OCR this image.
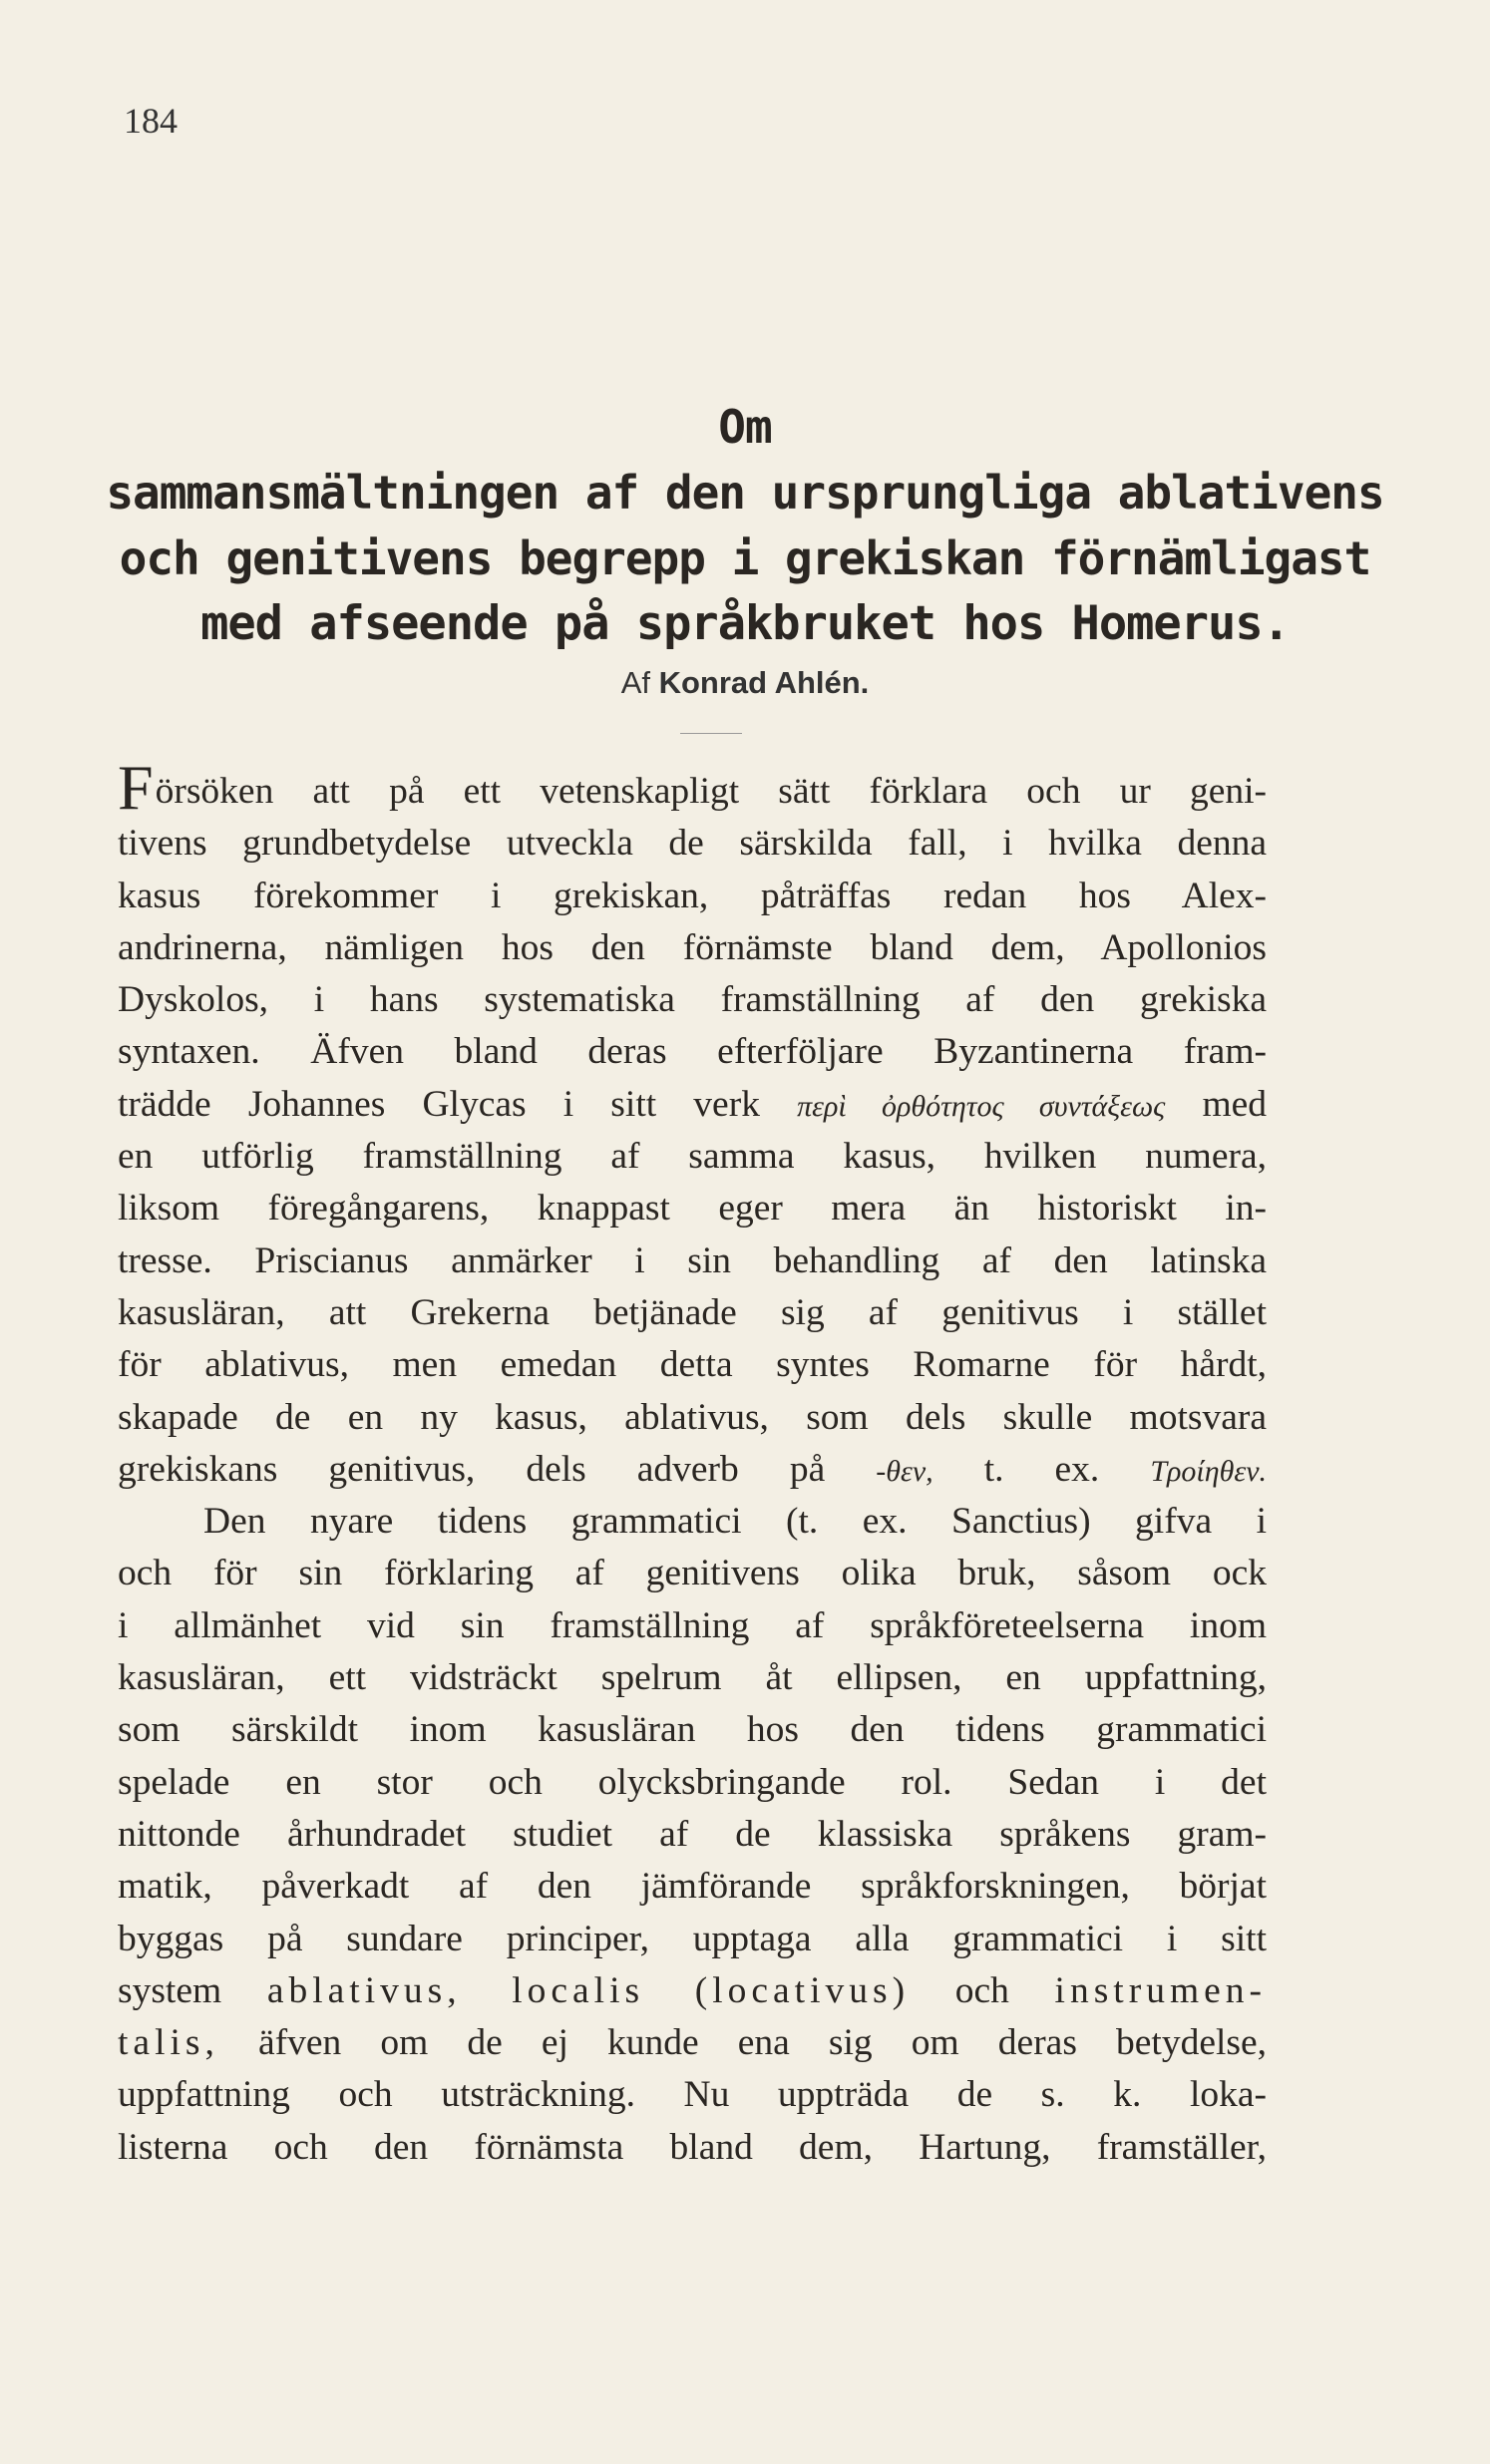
184
Om
sammansmältningen af den ursprungliga ablativens
och genitivens begrepp i grekiskan förnämligast
med afseende på språkbruket hos Homerus.
Af Konrad Ahlén.
Försöken att på ett vetenskapligt sätt förklara och ur geni-
tivens grundbetydelse utveckla de särskilda fall, i hvilka denna
kasus förekommer i grekiskan, påträffas redan hos Alex-
andrinerna, nämligen hos den förnämste bland dem, Apollonios
Dyskolos, i hans systematiska framställning af den grekiska
syntaxen. Äfven bland deras efterföljare Byzantinerna fram-
trädde Johannes Glycas i sitt verk περὶ ὀρθότητος συντάξεως med
en utförlig framställning af samma kasus, hvilken numera,
liksom föregångarens, knappast eger mera än historiskt in-
tresse. Priscianus anmärker i sin behandling af den latinska
kasusläran, att Grekerna betjänade sig af genitivus i stället
för ablativus, men emedan detta syntes Romarne för hårdt,
skapade de en ny kasus, ablativus, som dels skulle motsvara
grekiskans genitivus, dels adverb på -θεν, t. ex. Τροίηθεν.
Den nyare tidens grammatici (t. ex. Sanctius) gifva i
och för sin förklaring af genitivens olika bruk, såsom ock
i allmänhet vid sin framställning af språkföreteelserna inom
kasusläran, ett vidsträckt spelrum åt ellipsen, en uppfattning,
som särskildt inom kasusläran hos den tidens grammatici
spelade en stor och olycksbringande rol. Sedan i det
nittonde århundradet studiet af de klassiska språkens gram-
matik, påverkadt af den jämförande språkforskningen, börjat
byggas på sundare principer, upptaga alla grammatici i sitt
system ablativus, localis (locativus) och instrumen-
talis, äfven om de ej kunde ena sig om deras betydelse,
uppfattning och utsträckning. Nu uppträda de s. k. loka-
listerna och den förnämsta bland dem, Hartung, framställer,
